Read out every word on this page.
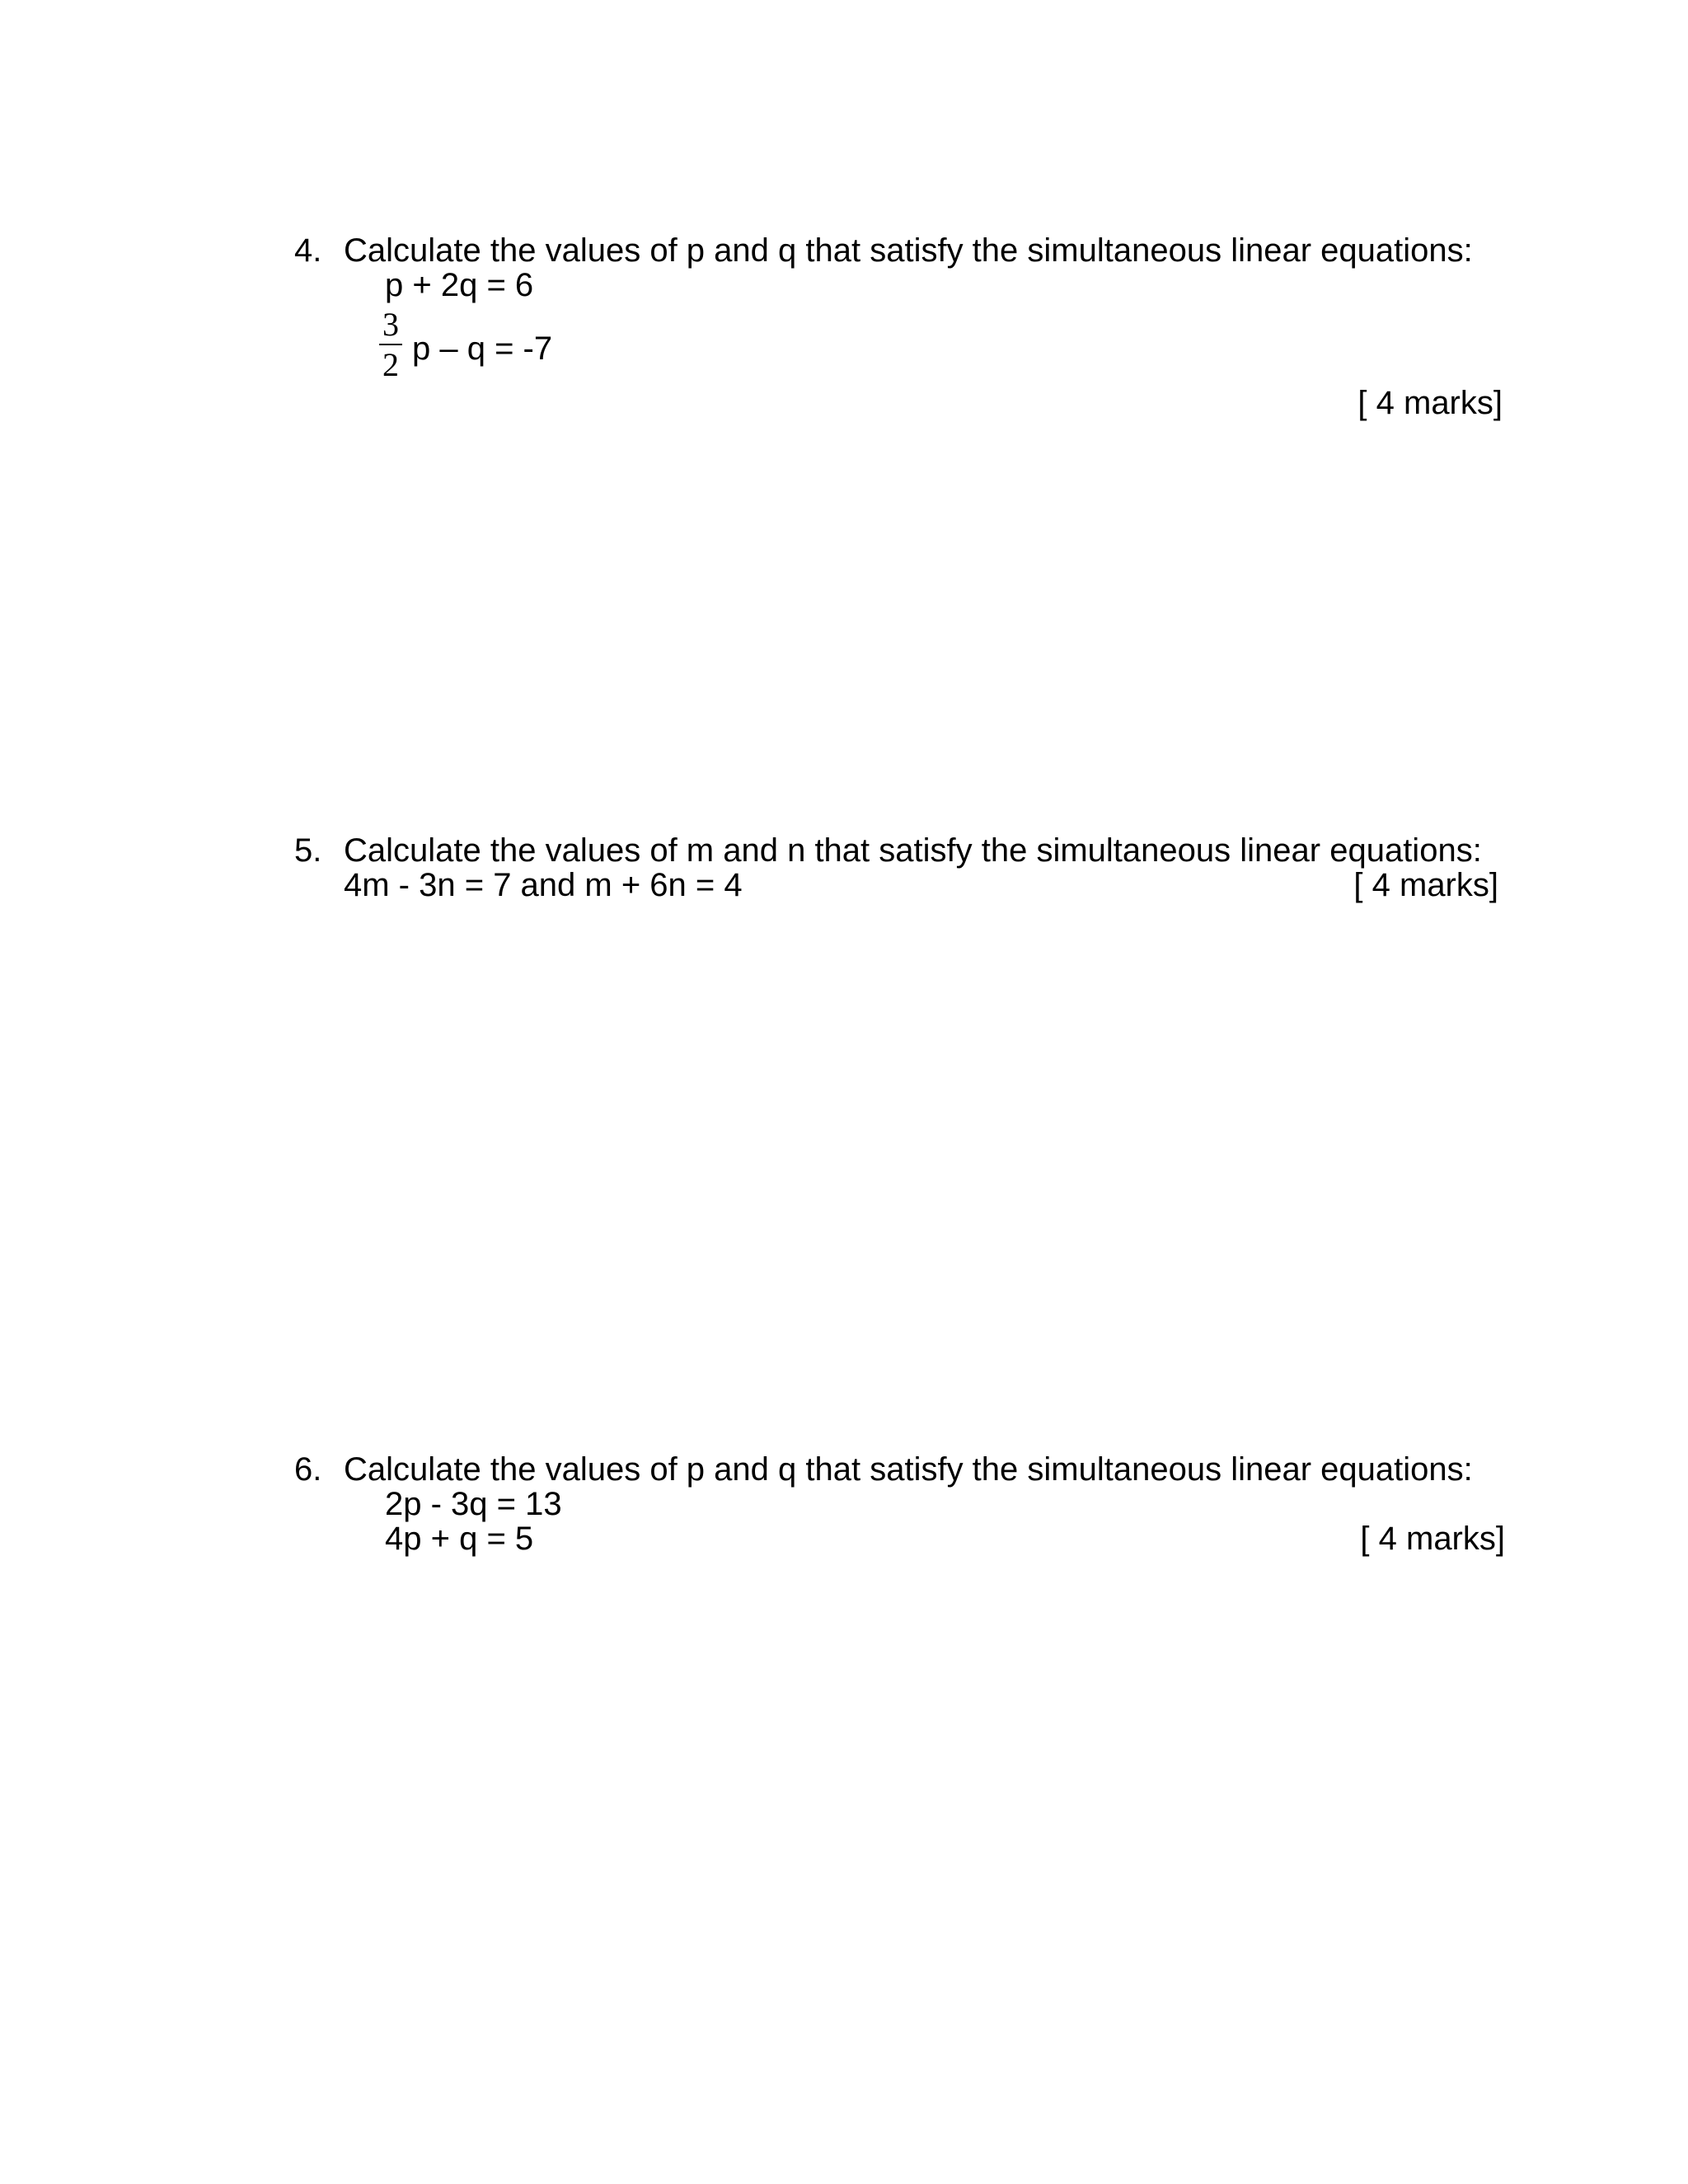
4. Calculate the values of p and q that satisfy the simultaneous linear equations:
p + 2q = 6
$\frac{3}{2}$ p – q = -7
[ 4 marks]
5. Calculate the values of m and n that satisfy the simultaneous linear equations:
4m - 3n = 7 and m + 6n = 4	[ 4 marks]
6. Calculate the values of p and q that satisfy the simultaneous linear equations:
2p - 3q = 13
4p + q = 5	[ 4 marks]
